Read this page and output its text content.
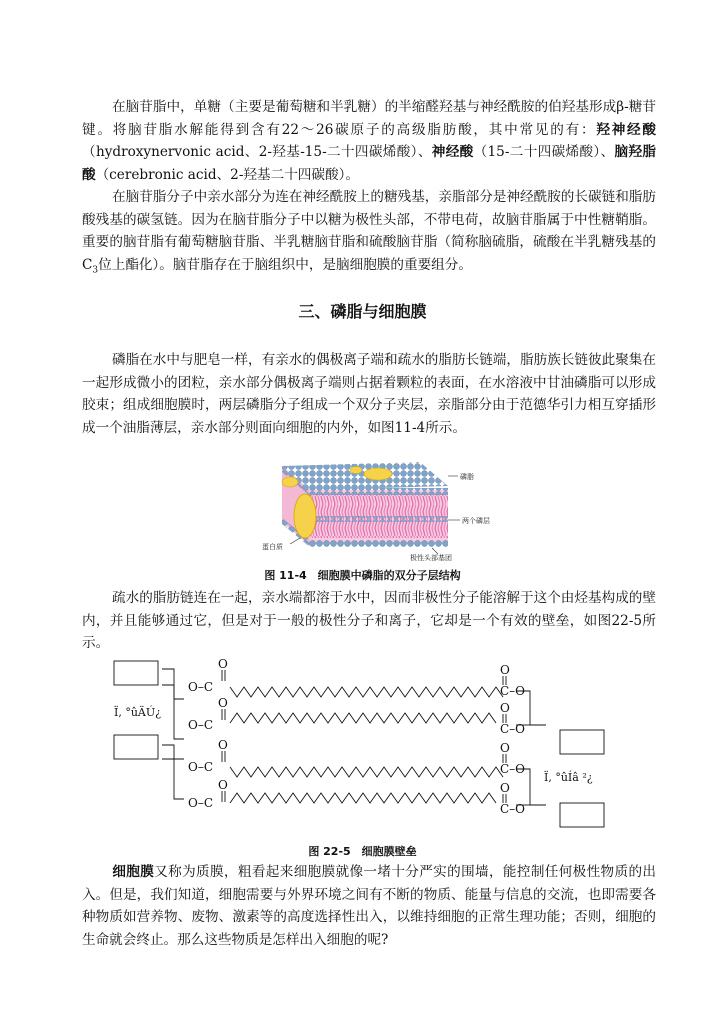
在脑苷脂中，单糖（主要是葡萄糖和半乳糖）的半缩醛羟基与神经酰胺的伯羟基形成β-糖苷键。将脑苷脂水解能得到含有22～26碳原子的高级脂肪酸，其中常见的有：羟神经酸（hydroxynervonic acid、2-羟基-15-二十四碳烯酸）、神经酸（15-二十四碳烯酸）、脑羟脂酸（cerebronic acid、2-羟基二十四碳酸）。

在脑苷脂分子中亲水部分为连在神经酰胺上的糖残基，亲脂部分是神经酰胺的长碳链和脂肪酸残基的碳氢链。因为在脑苷脂分子中以糖为极性头部，不带电荷，故脑苷脂属于中性糖鞘脂。重要的脑苷脂有葡萄糖脑苷脂、半乳糖脑苷脂和硫酸脑苷脂（简称脑硫脂，硫酸在半乳糖残基的$C_3$位上酯化）。脑苷脂存在于脑组织中，是脑细胞膜的重要组分。

三、磷脂与细胞膜

磷脂在水中与肥皂一样，有亲水的偶极离子端和疏水的脂肪长链端，脂肪族长链彼此聚集在一起形成微小的团粒，亲水部分偶极离子端则占据着颗粒的表面，在水溶液中甘油磷脂可以形成胶束；组成细胞膜时，两层磷脂分子组成一个双分子夹层，亲脂部分由于范德华引力相互穿插形成一个油脂薄层，亲水部分则面向细胞的内外，如图11-4所示。

磷脂
两个磷层
蛋白质
极性头部基团
图 11-4　细胞膜中磷脂的双分子层结构

疏水的脂肪链连在一起，亲水端都溶于水中，因而非极性分子能溶解于这个由烃基构成的壁内，并且能够通过它，但是对于一般的极性分子和离子，它却是一个有效的壁垒，如图22-5所示。

O
O–C
O
O–C
O
O–C
O
O–C
O
C–O
O
C–O
O
C–O
O
C–O
Ï, °ûÄÚ¿
Ï, °ûÍâ ²¿
图 22-5　细胞膜壁垒

细胞膜又称为质膜，粗看起来细胞膜就像一堵十分严实的围墙，能控制任何极性物质的出入。但是，我们知道，细胞需要与外界环境之间有不断的物质、能量与信息的交流，也即需要各种物质如营养物、废物、激素等的高度选择性出入，以维持细胞的正常生理功能；否则，细胞的生命就会终止。那么这些物质是怎样出入细胞的呢?
